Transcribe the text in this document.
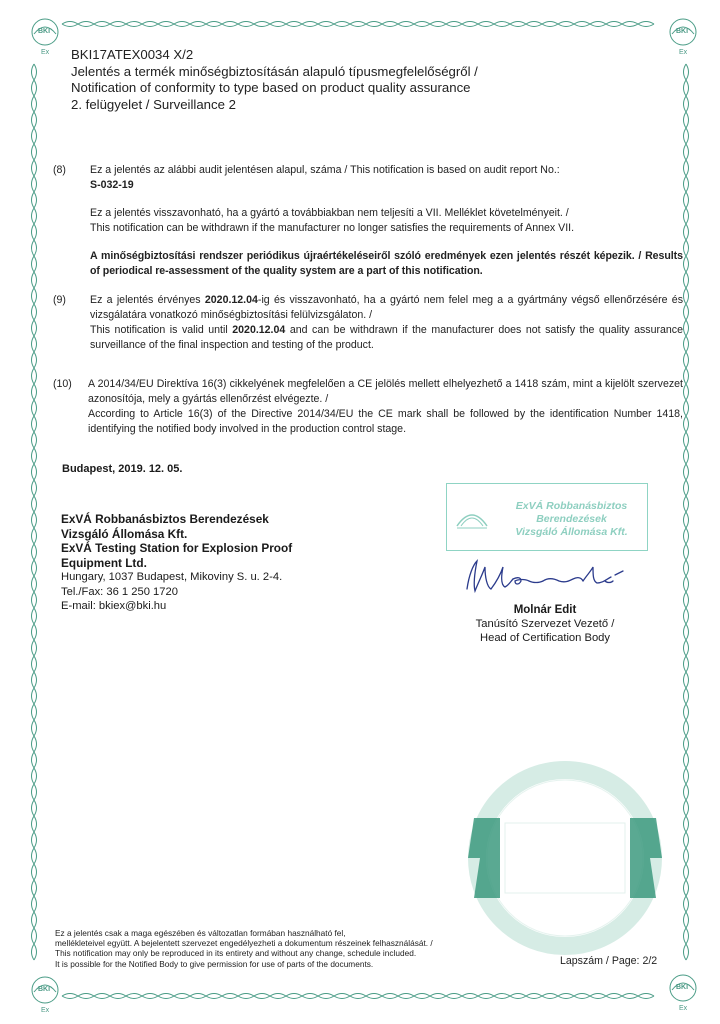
BKI
Ex
BKI
Ex
BKI
Ex
BKI
Ex
BKI17ATEX0034 X/2
Jelentés a termék minőségbiztosításán alapuló típusmegfelelőségről /
Notification of conformity to type based on product quality assurance
2. felügyelet / Surveillance 2
(8) Ez a jelentés az alábbi audit jelentésen alapul, száma / This notification is based on audit report No.:

S-032-19

Ez a jelentés visszavonható, ha a gyártó a továbbiakban nem teljesíti a VII. Melléklet követelményeit. /

This notification can be withdrawn if the manufacturer no longer satisfies the requirements of Annex VII.

A minőségbiztosítási rendszer periódikus újraértékeléseiről szóló eredmények ezen jelentés részét képezik. / Results of periodical re-assessment of the quality system are a part of this notification.

(9) Ez a jelentés érvényes 2020.12.04-ig és visszavonható, ha a gyártó nem felel meg a a gyártmány végső ellenőrzésére és vizsgálatára vonatkozó minőségbiztosítási felülvizsgálaton. /
This notification is valid until 2020.12.04 and can be withdrawn if the manufacturer does not satisfy the quality assurance surveillance of the final inspection and testing of the product.
(10) A 2014/34/EU Direktíva 16(3) cikkelyének megfelelően a CE jelölés mellett elhelyezhető a 1418 szám, mint a kijelölt szervezet azonosítója, mely a gyártás ellenőrzést elvégezte. /

According to Article 16(3) of the Directive 2014/34/EU the CE mark shall be followed by the identification Number 1418, identifying the notified body involved in the production control stage.

Budapest, 2019. 12. 05.
ExVÁ Robbanásbiztos Berendezések
Vizsgáló Állomása Kft.
ExVÁ Testing Station for Explosion Proof
Equipment Ltd.
Hungary, 1037 Budapest, Mikoviny S. u. 2-4.
Tel./Fax: 36 1 250 1720
E-mail: bkiex@bki.hu
ExVÁ Robbanásbiztos
Berendezések
Vizsgáló Állomása Kft.
Molnár Edit
Tanúsító Szervezet Vezető /
Head of Certification Body
Ez a jelentés csak a maga egészében és változatlan formában használható fel,
mellékleteivel együtt. A bejelentett szervezet engedélyezheti a dokumentum részeinek felhasználását. /
This notification may only be reproduced in its entirety and without any change, schedule included.
It is possible for the Notified Body to give permission for use of parts of the documents.	Lapszám / Page: 2/2
